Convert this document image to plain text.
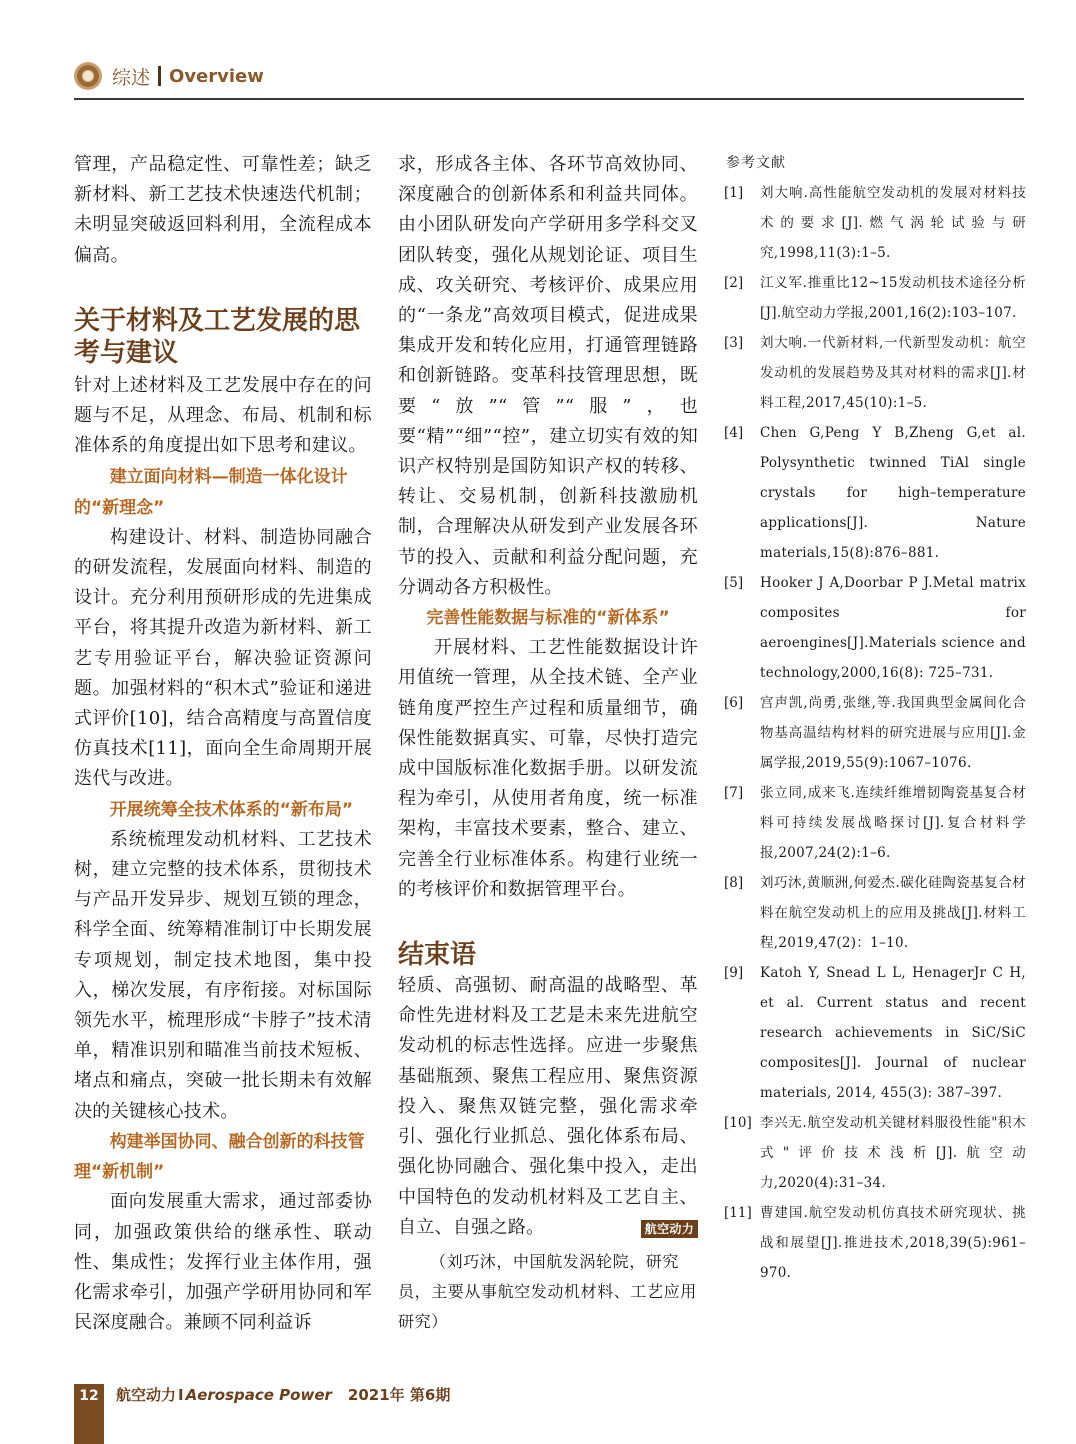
综述 Overview

管理，产品稳定性、可靠性差；缺乏新材料、新工艺技术快速迭代机制；未明显突破返回料利用，全流程成本偏高。

关于材料及工艺发展的思考与建议

针对上述材料及工艺发展中存在的问题与不足，从理念、布局、机制和标准体系的角度提出如下思考和建议。

建立面向材料—制造一体化设计的“新理念”

构建设计、材料、制造协同融合的研发流程，发展面向材料、制造的设计。充分利用预研形成的先进集成平台，将其提升改造为新材料、新工艺专用验证平台，解决验证资源问题。加强材料的“积木式”验证和递进式评价[10]，结合高精度与高置信度仿真技术[11]，面向全生命周期开展迭代与改进。

开展统筹全技术体系的“新布局”

系统梳理发动机材料、工艺技术树，建立完整的技术体系，贯彻技术与产品开发异步、规划互锁的理念，科学全面、统筹精准制订中长期发展专项规划，制定技术地图，集中投入，梯次发展，有序衔接。对标国际领先水平，梳理形成“卡脖子”技术清单，精准识别和瞄准当前技术短板、堵点和痛点，突破一批长期未有效解决的关键核心技术。

构建举国协同、融合创新的科技管理“新机制”

面向发展重大需求，通过部委协同，加强政策供给的继承性、联动性、集成性；发挥行业主体作用，强化需求牵引，加强产学研用协同和军民深度融合。兼顾不同利益诉

求，形成各主体、各环节高效协同、深度融合的创新体系和利益共同体。由小团队研发向产学研用多学科交叉团队转变，强化从规划论证、项目生成、攻关研究、考核评价、成果应用的“一条龙”高效项目模式，促进成果集成开发和转化应用，打通管理链路和创新链路。变革科技管理思想，既要“放”“管”“服”，也要“精”“细”“控”，建立切实有效的知识产权特别是国防知识产权的转移、转让、交易机制，创新科技激励机制，合理解决从研发到产业发展各环节的投入、贡献和利益分配问题，充分调动各方积极性。

完善性能数据与标准的“新体系”

开展材料、工艺性能数据设计许用值统一管理，从全技术链、全产业链角度严控生产过程和质量细节，确保性能数据真实、可靠，尽快打造完成中国版标准化数据手册。以研发流程为牵引，从使用者角度，统一标准架构，丰富技术要素，整合、建立、完善全行业标准体系。构建行业统一的考核评价和数据管理平台。

结束语

轻质、高强韧、耐高温的战略型、革命性先进材料及工艺是未来先进航空发动机的标志性选择。应进一步聚焦基础瓶颈、聚焦工程应用、聚焦资源投入、聚焦双链完整，强化需求牵引、强化行业抓总、强化体系布局、强化协同融合、强化集中投入，走出中国特色的发动机材料及工艺自主、自立、自强之路。	航空动力

（刘巧沐，中国航发涡轮院，研究员，主要从事航空发动机材料、工艺应用研究）

参考文献

[1]	刘大响.高性能航空发动机的发展对材料技术的要求[J].燃气涡轮试验与研究,1998,11(3):1–5.
[2]	江义军.推重比12~15发动机技术途径分析[J].航空动力学报,2001,16(2):103–107.
[3]	刘大响.一代新材料,一代新型发动机：航空发动机的发展趋势及其对材料的需求[J].材料工程,2017,45(10):1–5.
[4]	Chen G,Peng Y B,Zheng G,et al. Polysynthetic twinned TiAl single crystals for high–temperature applications[J]. Nature materials,15(8):876–881.
[5]	Hooker J A,Doorbar P J.Metal matrix composites for aeroengines[J].Materials science and technology,2000,16(8): 725–731.
[6]	宫声凯,尚勇,张继,等.我国典型金属间化合物基高温结构材料的研究进展与应用[J].金属学报,2019,55(9):1067–1076.
[7]	张立同,成来飞.连续纤维增韧陶瓷基复合材料可持续发展战略探讨[J].复合材料学报,2007,24(2):1–6.
[8]	刘巧沐,黄顺洲,何爱杰.碳化硅陶瓷基复合材料在航空发动机上的应用及挑战[J].材料工程,2019,47(2)：1–10.
[9]	Katoh Y, Snead L L, HenagerJr C H, et al. Current status and recent research achievements in SiC/SiC composites[J]. Journal of nuclear materials, 2014, 455(3): 387–397.
[10] 李兴无.航空发动机关键材料服役性能"积木式"评价技术浅析[J].航空动力,2020(4):31–34.
[11] 曹建国.航空发动机仿真技术研究现状、挑战和展望[J].推进技术,2018,39(5):961–970.
12	航空动力 I Aerospace Power 2021年 第6期
